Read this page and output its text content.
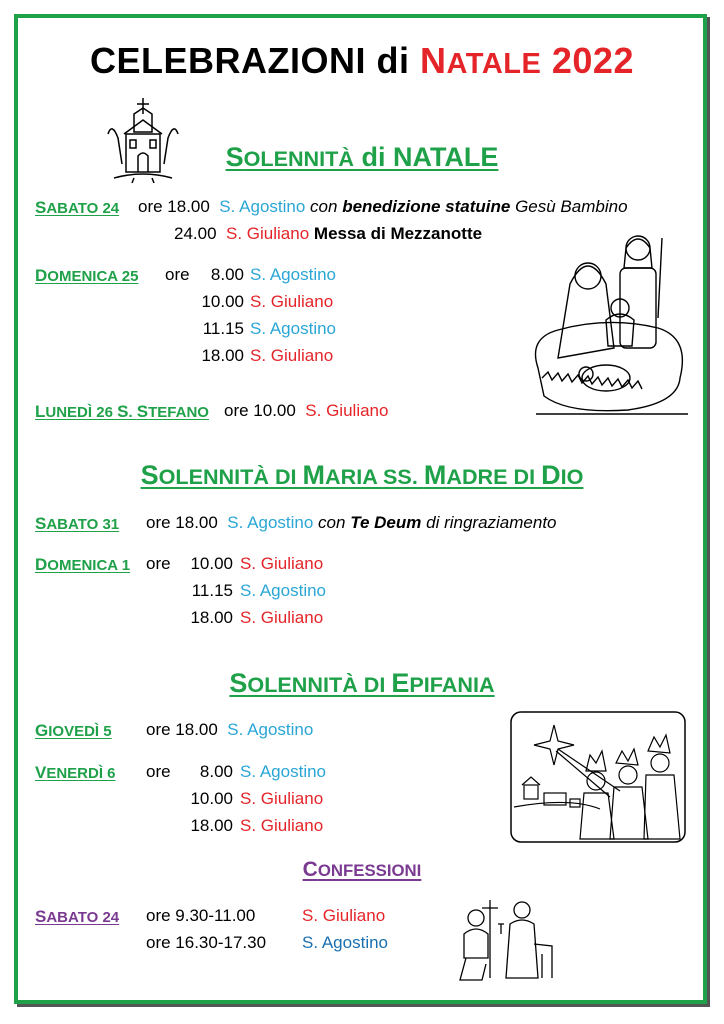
CELEBRAZIONI di NATALE 2022
SOLENNITÀ di NATALE
SABATO 24 ore 18.00 S. Agostino con benedizione statuine Gesù Bambino
24.00 S. Giuliano Messa di Mezzanotte
DOMENICA 25 ore 8.00 S. Agostino
10.00 S. Giuliano
11.15 S. Agostino
18.00 S. Giuliano
LUNEDÌ 26 S. STEFANO ore 10.00 S. Giuliano
SOLENNITÀ DI MARIA SS. MADRE DI DIO
SABATO 31 ore 18.00 S. Agostino con Te Deum di ringraziamento
DOMENICA 1 ore 10.00 S. Giuliano
11.15 S. Agostino
18.00 S. Giuliano
SOLENNITÀ DI EPIFANIA
GIOVEDÌ 5 ore 18.00 S. Agostino
VENERDÌ 6 ore 8.00 S. Agostino
10.00 S. Giuliano
18.00 S. Giuliano
CONFESSIONI
SABATO 24 ore 9.30-11.00	S. Giuliano
ore 16.30-17.30 S. Agostino
